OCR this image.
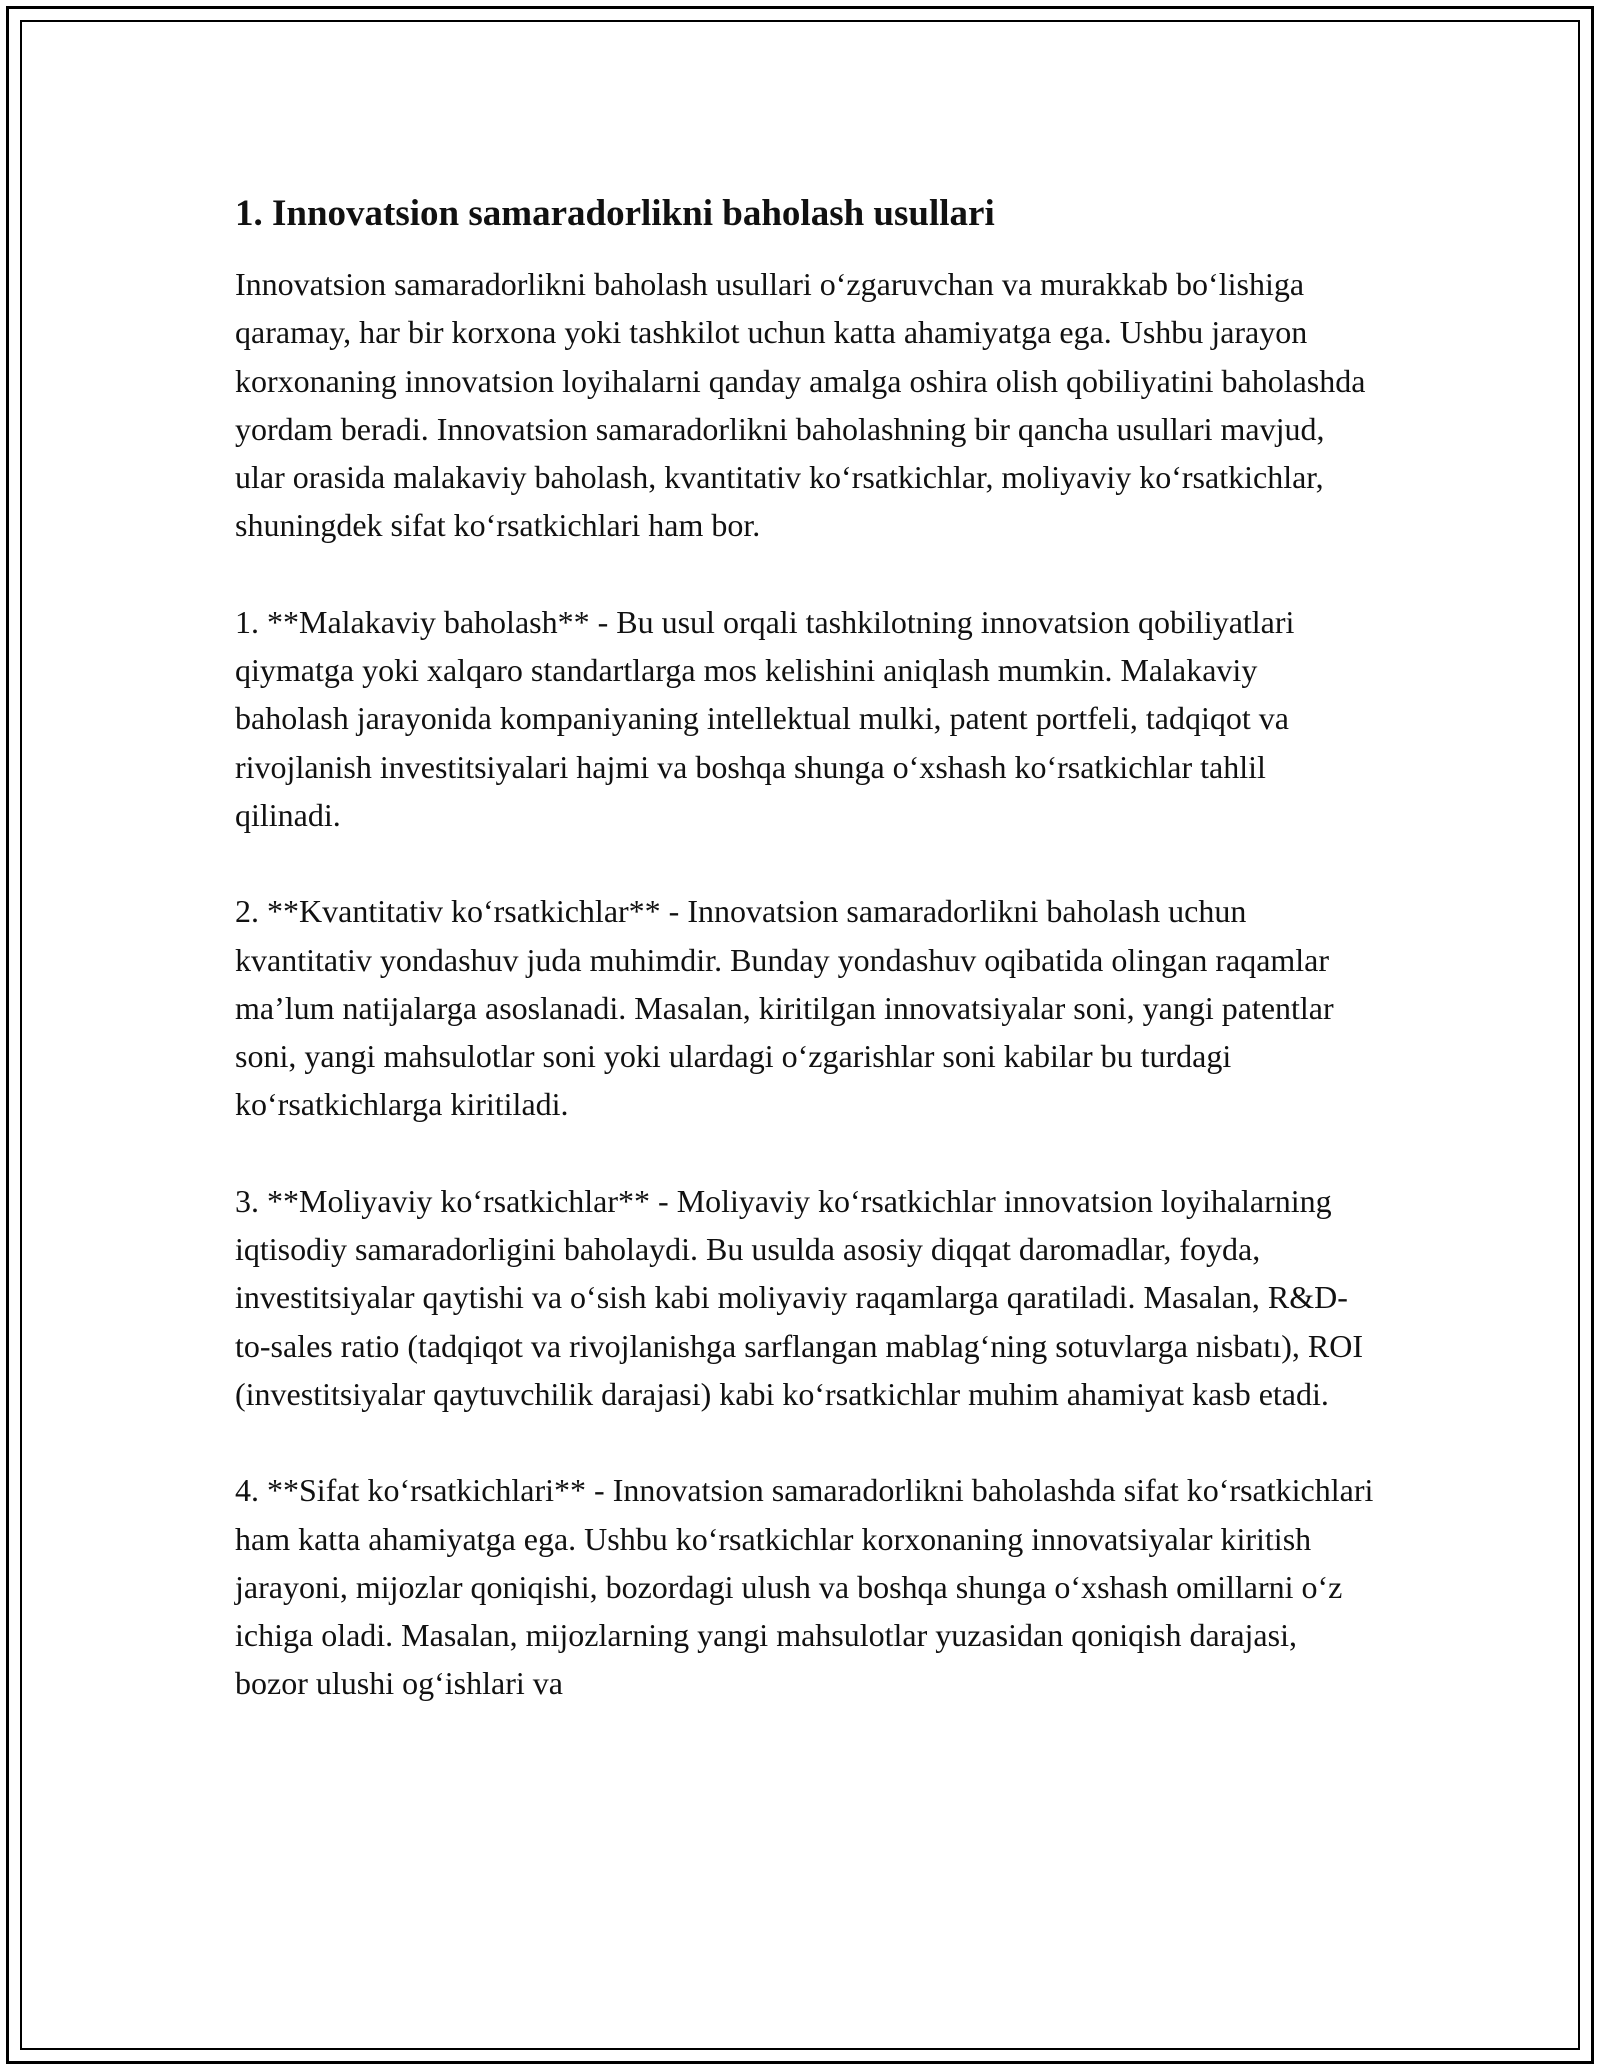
1. Innovatsion samaradorlikni baholash usullari

Innovatsion samaradorlikni baholash usullari o‘zgaruvchan va murakkab bo‘lishiga qaramay, har bir korxona yoki tashkilot uchun katta ahamiyatga ega. Ushbu jarayon korxonaning innovatsion loyihalarni qanday amalga oshira olish qobiliyatini baholashda yordam beradi. Innovatsion samaradorlikni baholashning bir qancha usullari mavjud, ular orasida malakaviy baholash, kvantitativ ko‘rsatkichlar, moliyaviy ko‘rsatkichlar, shuningdek sifat ko‘rsatkichlari ham bor.

1. **Malakaviy baholash** - Bu usul orqali tashkilotning innovatsion qobiliyatlari qiymatga yoki xalqaro standartlarga mos kelishini aniqlash mumkin. Malakaviy baholash jarayonida kompaniyaning intellektual mulki, patent portfeli, tadqiqot va rivojlanish investitsiyalari hajmi va boshqa shunga o‘xshash ko‘rsatkichlar tahlil qilinadi.

2. **Kvantitativ ko‘rsatkichlar** - Innovatsion samaradorlikni baholash uchun kvantitativ yondashuv juda muhimdir. Bunday yondashuv oqibatida olingan raqamlar ma’lum natijalarga asoslanadi. Masalan, kiritilgan innovatsiyalar soni, yangi patentlar soni, yangi mahsulotlar soni yoki ulardagi o‘zgarishlar soni kabilar bu turdagi ko‘rsatkichlarga kiritiladi.

3. **Moliyaviy ko‘rsatkichlar** - Moliyaviy ko‘rsatkichlar innovatsion loyihalarning iqtisodiy samaradorligini baholaydi. Bu usulda asosiy diqqat daromadlar, foyda, investitsiyalar qaytishi va o‘sish kabi moliyaviy raqamlarga qaratiladi. Masalan, R&D-to-sales ratio (tadqiqot va rivojlanishga sarflangan mablag‘ning sotuvlarga nisbatı), ROI (investitsiyalar qaytuvchilik darajasi) kabi ko‘rsatkichlar muhim ahamiyat kasb etadi.

4. **Sifat ko‘rsatkichlari** - Innovatsion samaradorlikni baholashda sifat ko‘rsatkichlari ham katta ahamiyatga ega. Ushbu ko‘rsatkichlar korxonaning innovatsiyalar kiritish jarayoni, mijozlar qoniqishi, bozordagi ulush va boshqa shunga o‘xshash omillarni o‘z ichiga oladi. Masalan, mijozlarning yangi mahsulotlar yuzasidan qoniqish darajasi, bozor ulushi og‘ishlari va
